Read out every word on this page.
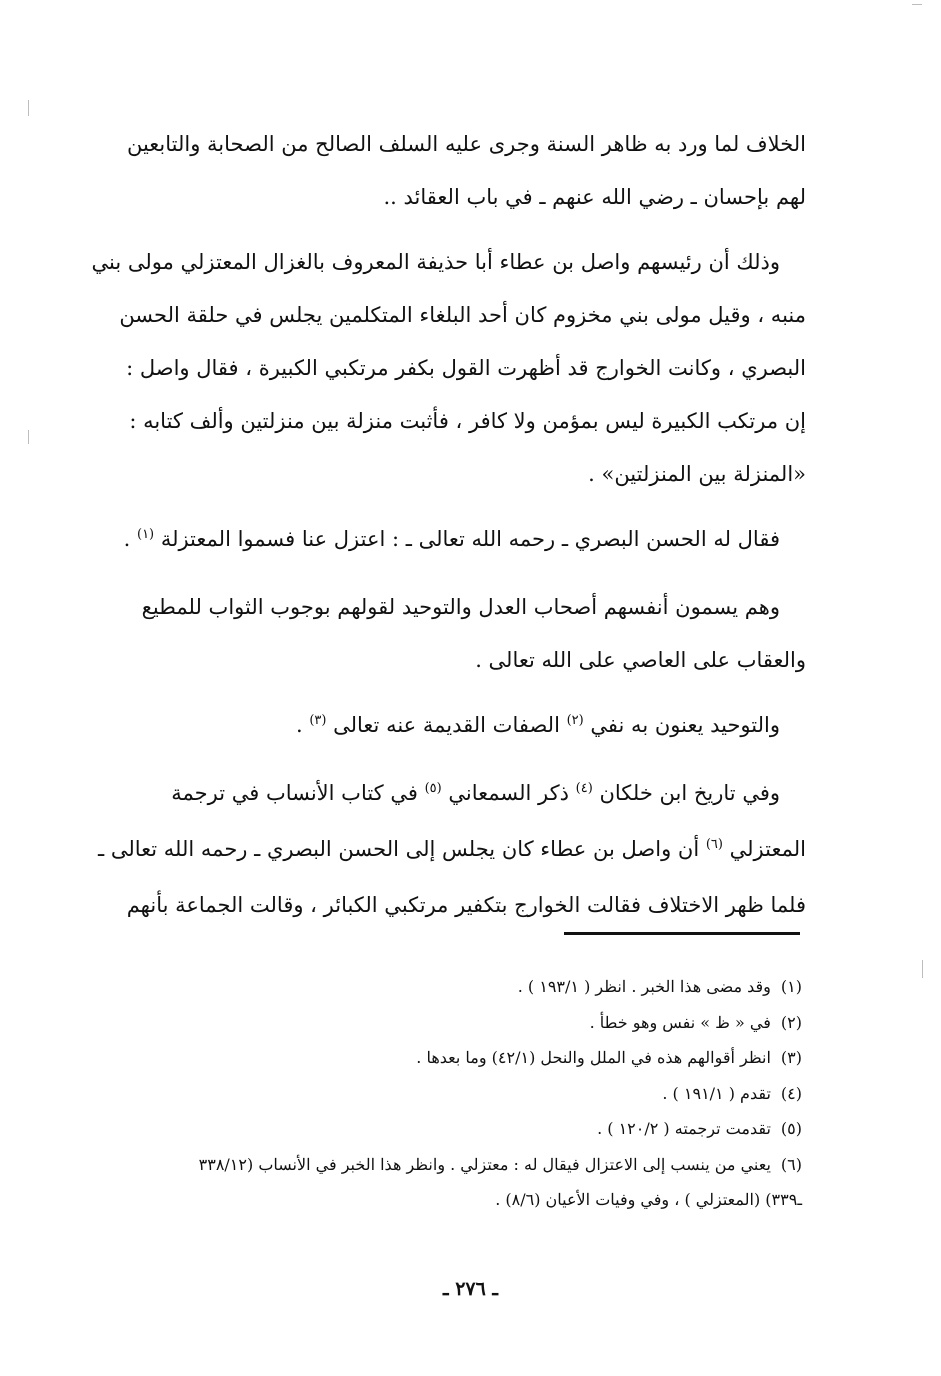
الخلاف لما ورد به ظاهر السنة وجرى عليه السلف الصالح من الصحابة والتابعين
لهم بإحسان ـ رضي الله عنهم ـ في باب العقائد ..

وذلك أن رئيسهم واصل بن عطاء أبا حذيفة المعروف بالغزال المعتزلي مولى بني
منبه ، وقيل مولى بني مخزوم كان أحد البلغاء المتكلمين يجلس في حلقة الحسن
البصري ، وكانت الخوارج قد أظهرت القول بكفر مرتكبي الكبيرة ، فقال واصل :
إن مرتكب الكبيرة ليس بمؤمن ولا كافر ، فأثبت منزلة بين منزلتين وألف كتابه :
«المنزلة بين المنزلتين» .

فقال له الحسن البصري ـ رحمه الله تعالى ـ : اعتزل عنا فسموا المعتزلة $^{(١)}$ .

وهم يسمون أنفسهم أصحاب العدل والتوحيد لقولهم بوجوب الثواب للمطيع
والعقاب على العاصي على الله تعالى .

والتوحيد يعنون به نفي $^{(٢)}$ الصفات القديمة عنه تعالى $^{(٣)}$ .

وفي تاريخ ابن خلكان $^{(٤)}$ ذكر السمعاني $^{(٥)}$ في كتاب الأنساب في ترجمة
المعتزلي $^{(٦)}$ أن واصل بن عطاء كان يجلس إلى الحسن البصري ـ رحمه الله تعالى ـ
فلما ظهر الاختلاف فقالت الخوارج بتكفير مرتكبي الكبائر ، وقالت الجماعة بأنهم

(١)وقد مضى هذا الخبر . انظر ( ١٩٣/١ ) .

(٢)في « ظ » نفس وهو خطأ .

(٣)انظر أقوالهم هذه في الملل والنحل (٤٢/١) وما بعدها .

(٤)تقدم ( ١٩١/١ ) .

(٥)تقدمت ترجمته ( ١٢٠/٢ ) .

(٦)يعني من ينسب إلى الاعتزال فيقال له : معتزلي . وانظر هذا الخبر في الأنساب (٣٣٨/١٢

ـ٣٣٩) (المعتزلي ) ، وفي وفيات الأعيان (٨/٦) .

ـ ٢٧٦ ـ
